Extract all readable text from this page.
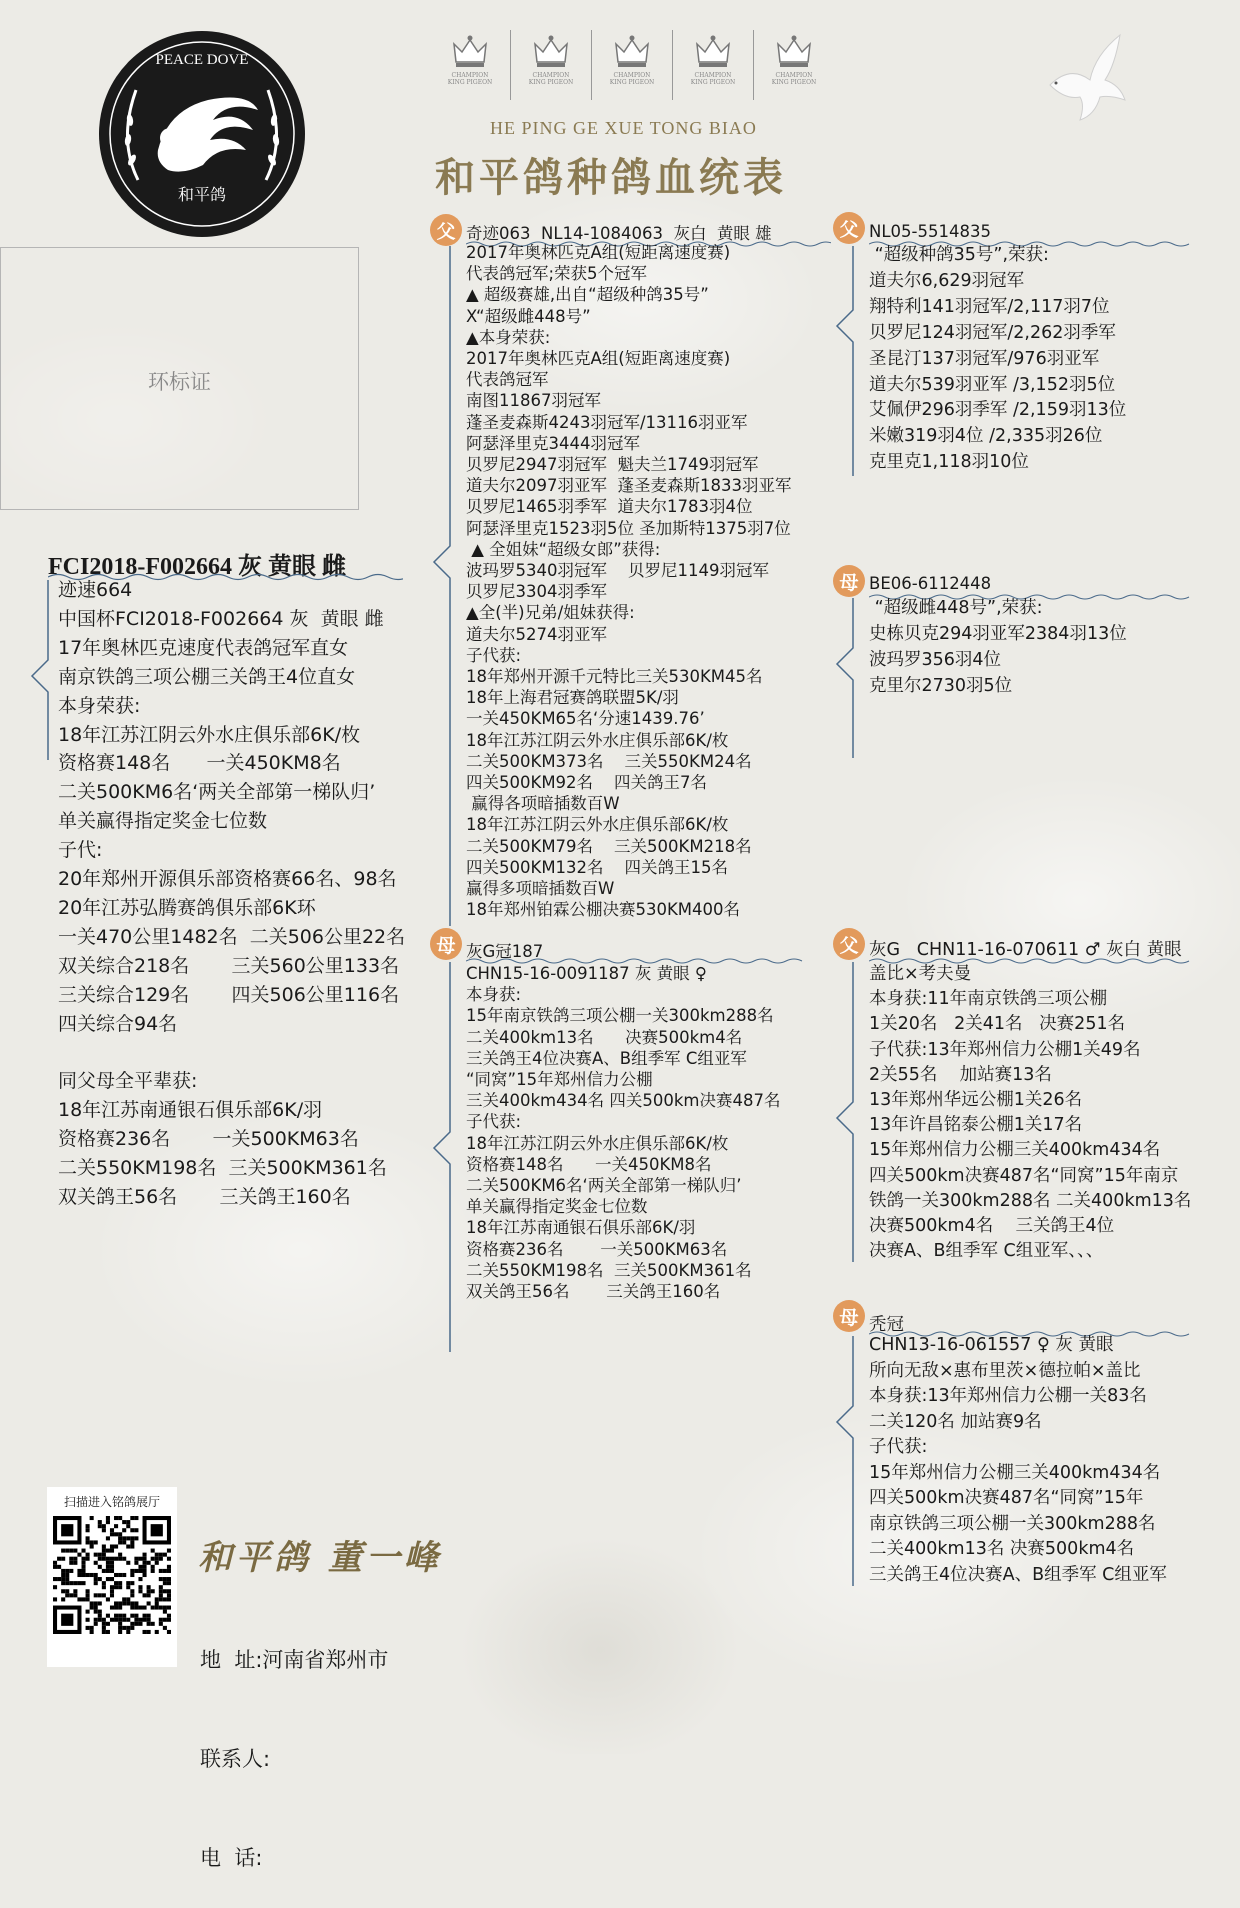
PEACE DOVE
和平鸽
CHAMPION
KING PIGEON
CHAMPION
KING PIGEON
CHAMPION
KING PIGEON
CHAMPION
KING PIGEON
CHAMPION
KING PIGEON
HE PING GE XUE TONG BIAO
和平鸽种鸽血统表
环标证
FCI2018-F002664 灰 黄眼 雌
迹速664
中国杯FCI2018-F002664 灰  黄眼 雌
17年奥林匹克速度代表鸽冠军直女
南京铁鸽三项公棚三关鸽王4位直女
本身荣获:
18年江苏江阴云外水庄俱乐部6K/枚
资格赛148名      一关450KM8名
二关500KM6名‘两关全部第一梯队归’
单关赢得指定奖金七位数
子代:
20年郑州开源俱乐部资格赛66名、98名
20年江苏弘腾赛鸽俱乐部6K环
一关470公里1482名  二关506公里22名
双关综合218名       三关560公里133名
三关综合129名       四关506公里116名
四关综合94名

同父母全平辈获:
18年江苏南通银石俱乐部6K/羽
资格赛236名       一关500KM63名
二关550KM198名  三关500KM361名
双关鸽王56名       三关鸽王160名
父 奇迹063  NL14-1084063  灰白  黄眼 雄
2017年奥林匹克A组(短距离速度赛)
代表鸽冠军;荣获5个冠军
▲ 超级赛雄,出自“超级种鸽35号”
X“超级雌448号”
▲本身荣获:
2017年奥林匹克A组(短距离速度赛)
代表鸽冠军
南图11867羽冠军
蓬圣麦森斯4243羽冠军/13116羽亚军
阿瑟泽里克3444羽冠军
贝罗尼2947羽冠军  魁夫兰1749羽冠军
道夫尔2097羽亚军  蓬圣麦森斯1833羽亚军
贝罗尼1465羽季军  道夫尔1783羽4位
阿瑟泽里克1523羽5位 圣加斯特1375羽7位
▲ 全姐妹“超级女郎”获得:
波玛罗5340羽冠军    贝罗尼1149羽冠军
贝罗尼3304羽季军
▲全(半)兄弟/姐妹获得:
道夫尔5274羽亚军
子代获:
18年郑州开源千元特比三关530KM45名
18年上海君冠赛鸽联盟5K/羽
一关450KM65名‘分速1439.76’
18年江苏江阴云外水庄俱乐部6K/枚
二关500KM373名    三关550KM24名
四关500KM92名    四关鸽王7名
赢得各项暗插数百W
18年江苏江阴云外水庄俱乐部6K/枚
二关500KM79名    三关500KM218名
四关500KM132名    四关鸽王15名
赢得多项暗插数百W
18年郑州铂霖公棚决赛530KM400名
母 灰G冠187
CHN15-16-0091187 灰 黄眼 ♀
本身获:
15年南京铁鸽三项公棚一关300km288名
二关400km13名      决赛500km4名
三关鸽王4位决赛A、B组季军 C组亚军
“同窝”15年郑州信力公棚
三关400km434名 四关500km决赛487名
子代获:
18年江苏江阴云外水庄俱乐部6K/枚
资格赛148名      一关450KM8名
二关500KM6名‘两关全部第一梯队归’
单关赢得指定奖金七位数
18年江苏南通银石俱乐部6K/羽
资格赛236名       一关500KM63名
二关550KM198名  三关500KM361名
双关鸽王56名       三关鸽王160名
父 NL05-5514835
“超级种鸽35号”,荣获:
道夫尔6,629羽冠军
翔特利141羽冠军/2,117羽7位
贝罗尼124羽冠军/2,262羽季军
圣昆汀137羽冠军/976羽亚军
道夫尔539羽亚军 /3,152羽5位
艾佩伊296羽季军 /2,159羽13位
米嫩319羽4位 /2,335羽26位
克里克1,118羽10位
母 BE06-6112448
“超级雌448号”,荣获:
史栋贝克294羽亚军2384羽13位
波玛罗356羽4位
克里尔2730羽5位
父 灰G   CHN11-16-070611 ♂ 灰白 黄眼
盖比×考夫曼
本身获:11年南京铁鸽三项公棚
1关20名   2关41名   决赛251名
子代获:13年郑州信力公棚1关49名
2关55名    加站赛13名
13年郑州华远公棚1关26名
13年许昌铭泰公棚1关17名
15年郑州信力公棚三关400km434名
四关500km决赛487名“同窝”15年南京
铁鸽一关300km288名 二关400km13名
决赛500km4名    三关鸽王4位
决赛A、B组季军 C组亚军、、、
母 秃冠
CHN13-16-061557 ♀ 灰 黄眼
所向无敌×惠布里茨×德拉帕×盖比
本身获:13年郑州信力公棚一关83名
二关120名 加站赛9名
子代获:
15年郑州信力公棚三关400km434名
四关500km决赛487名“同窝”15年
南京铁鸽三项公棚一关300km288名
二关400km13名 决赛500km4名
三关鸽王4位决赛A、B组季军 C组亚军
扫描进入铭鸽展厅
和平鸽 董一峰

地  址:河南省郑州市

联系人:

电  话:
